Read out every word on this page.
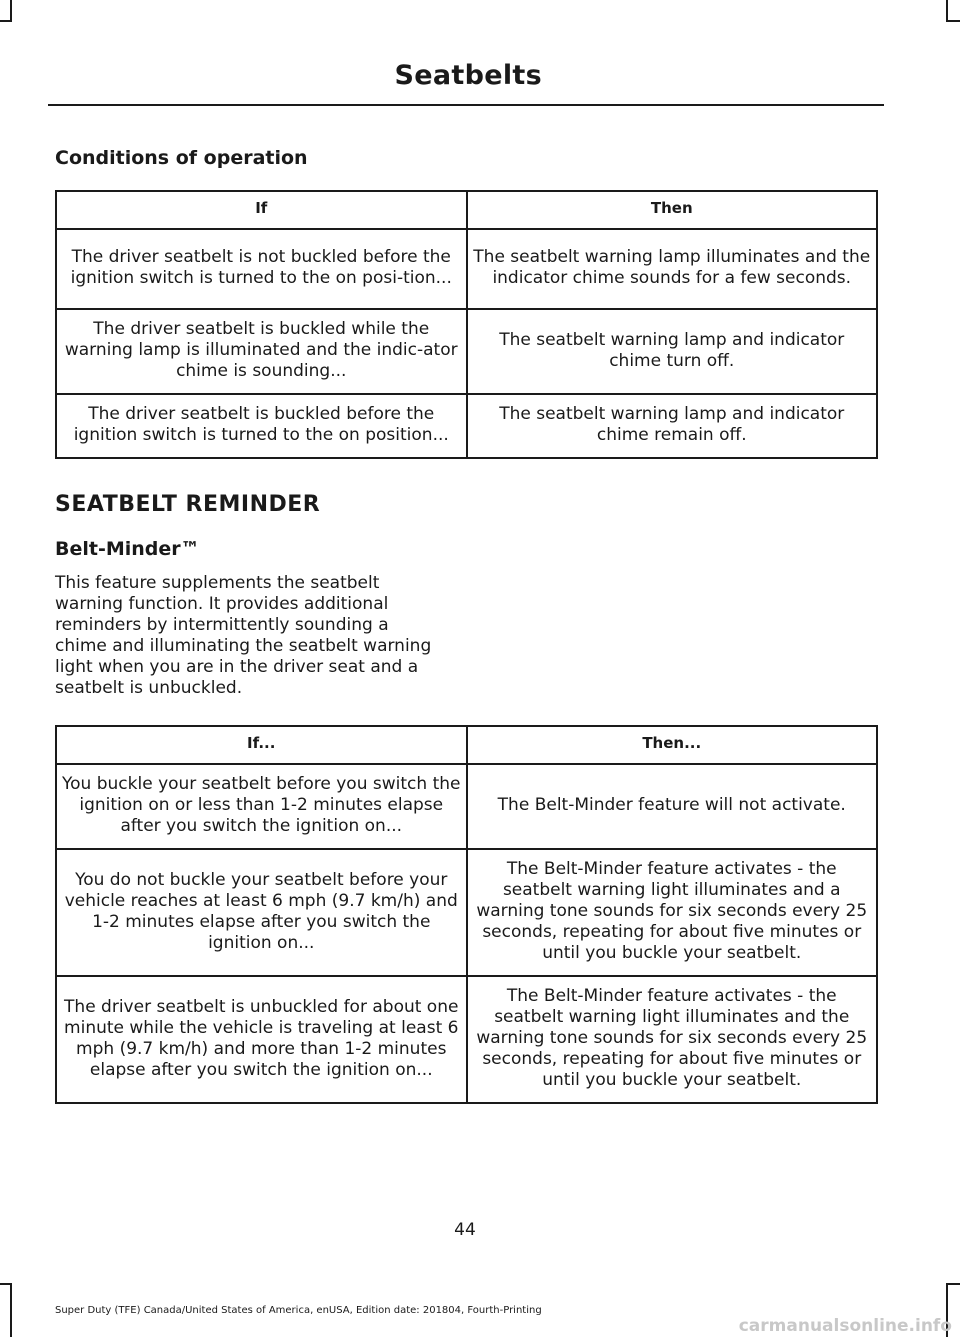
Seatbelts
Conditions of operation
If	Then
The driver seatbelt is not buckled before the ignition switch is turned to the on posi-tion...	The seatbelt warning lamp illuminates and the indicator chime sounds for a few seconds.
The driver seatbelt is buckled while the warning lamp is illuminated and the indic-ator chime is sounding...	The seatbelt warning lamp and indicator chime turn off.
The driver seatbelt is buckled before the ignition switch is turned to the on position...	The seatbelt warning lamp and indicator chime remain off.
SEATBELT REMINDER
Belt-Minder™

This feature supplements the seatbelt warning function. It provides additional reminders by intermittently sounding a chime and illuminating the seatbelt warning light when you are in the driver seat and a seatbelt is unbuckled.

If...	Then...
You buckle your seatbelt before you switch the ignition on or less than 1-2 minutes elapse after you switch the ignition on...	The Belt-Minder feature will not activate.
You do not buckle your seatbelt before your vehicle reaches at least 6 mph (9.7 km/h) and 1-2 minutes elapse after you switch the ignition on...	The Belt-Minder feature activates - the seatbelt warning light illuminates and a warning tone sounds for six seconds every 25 seconds, repeating for about five minutes or until you buckle your seatbelt.
The driver seatbelt is unbuckled for about one minute while the vehicle is traveling at least 6 mph (9.7 km/h) and more than 1-2 minutes elapse after you switch the ignition on...	The Belt-Minder feature activates - the seatbelt warning light illuminates and the warning tone sounds for six seconds every 25 seconds, repeating for about five minutes or until you buckle your seatbelt.
44
Super Duty (TFE) Canada/United States of America, enUSA, Edition date: 201804, Fourth-Printing
carmanualsonline.info
